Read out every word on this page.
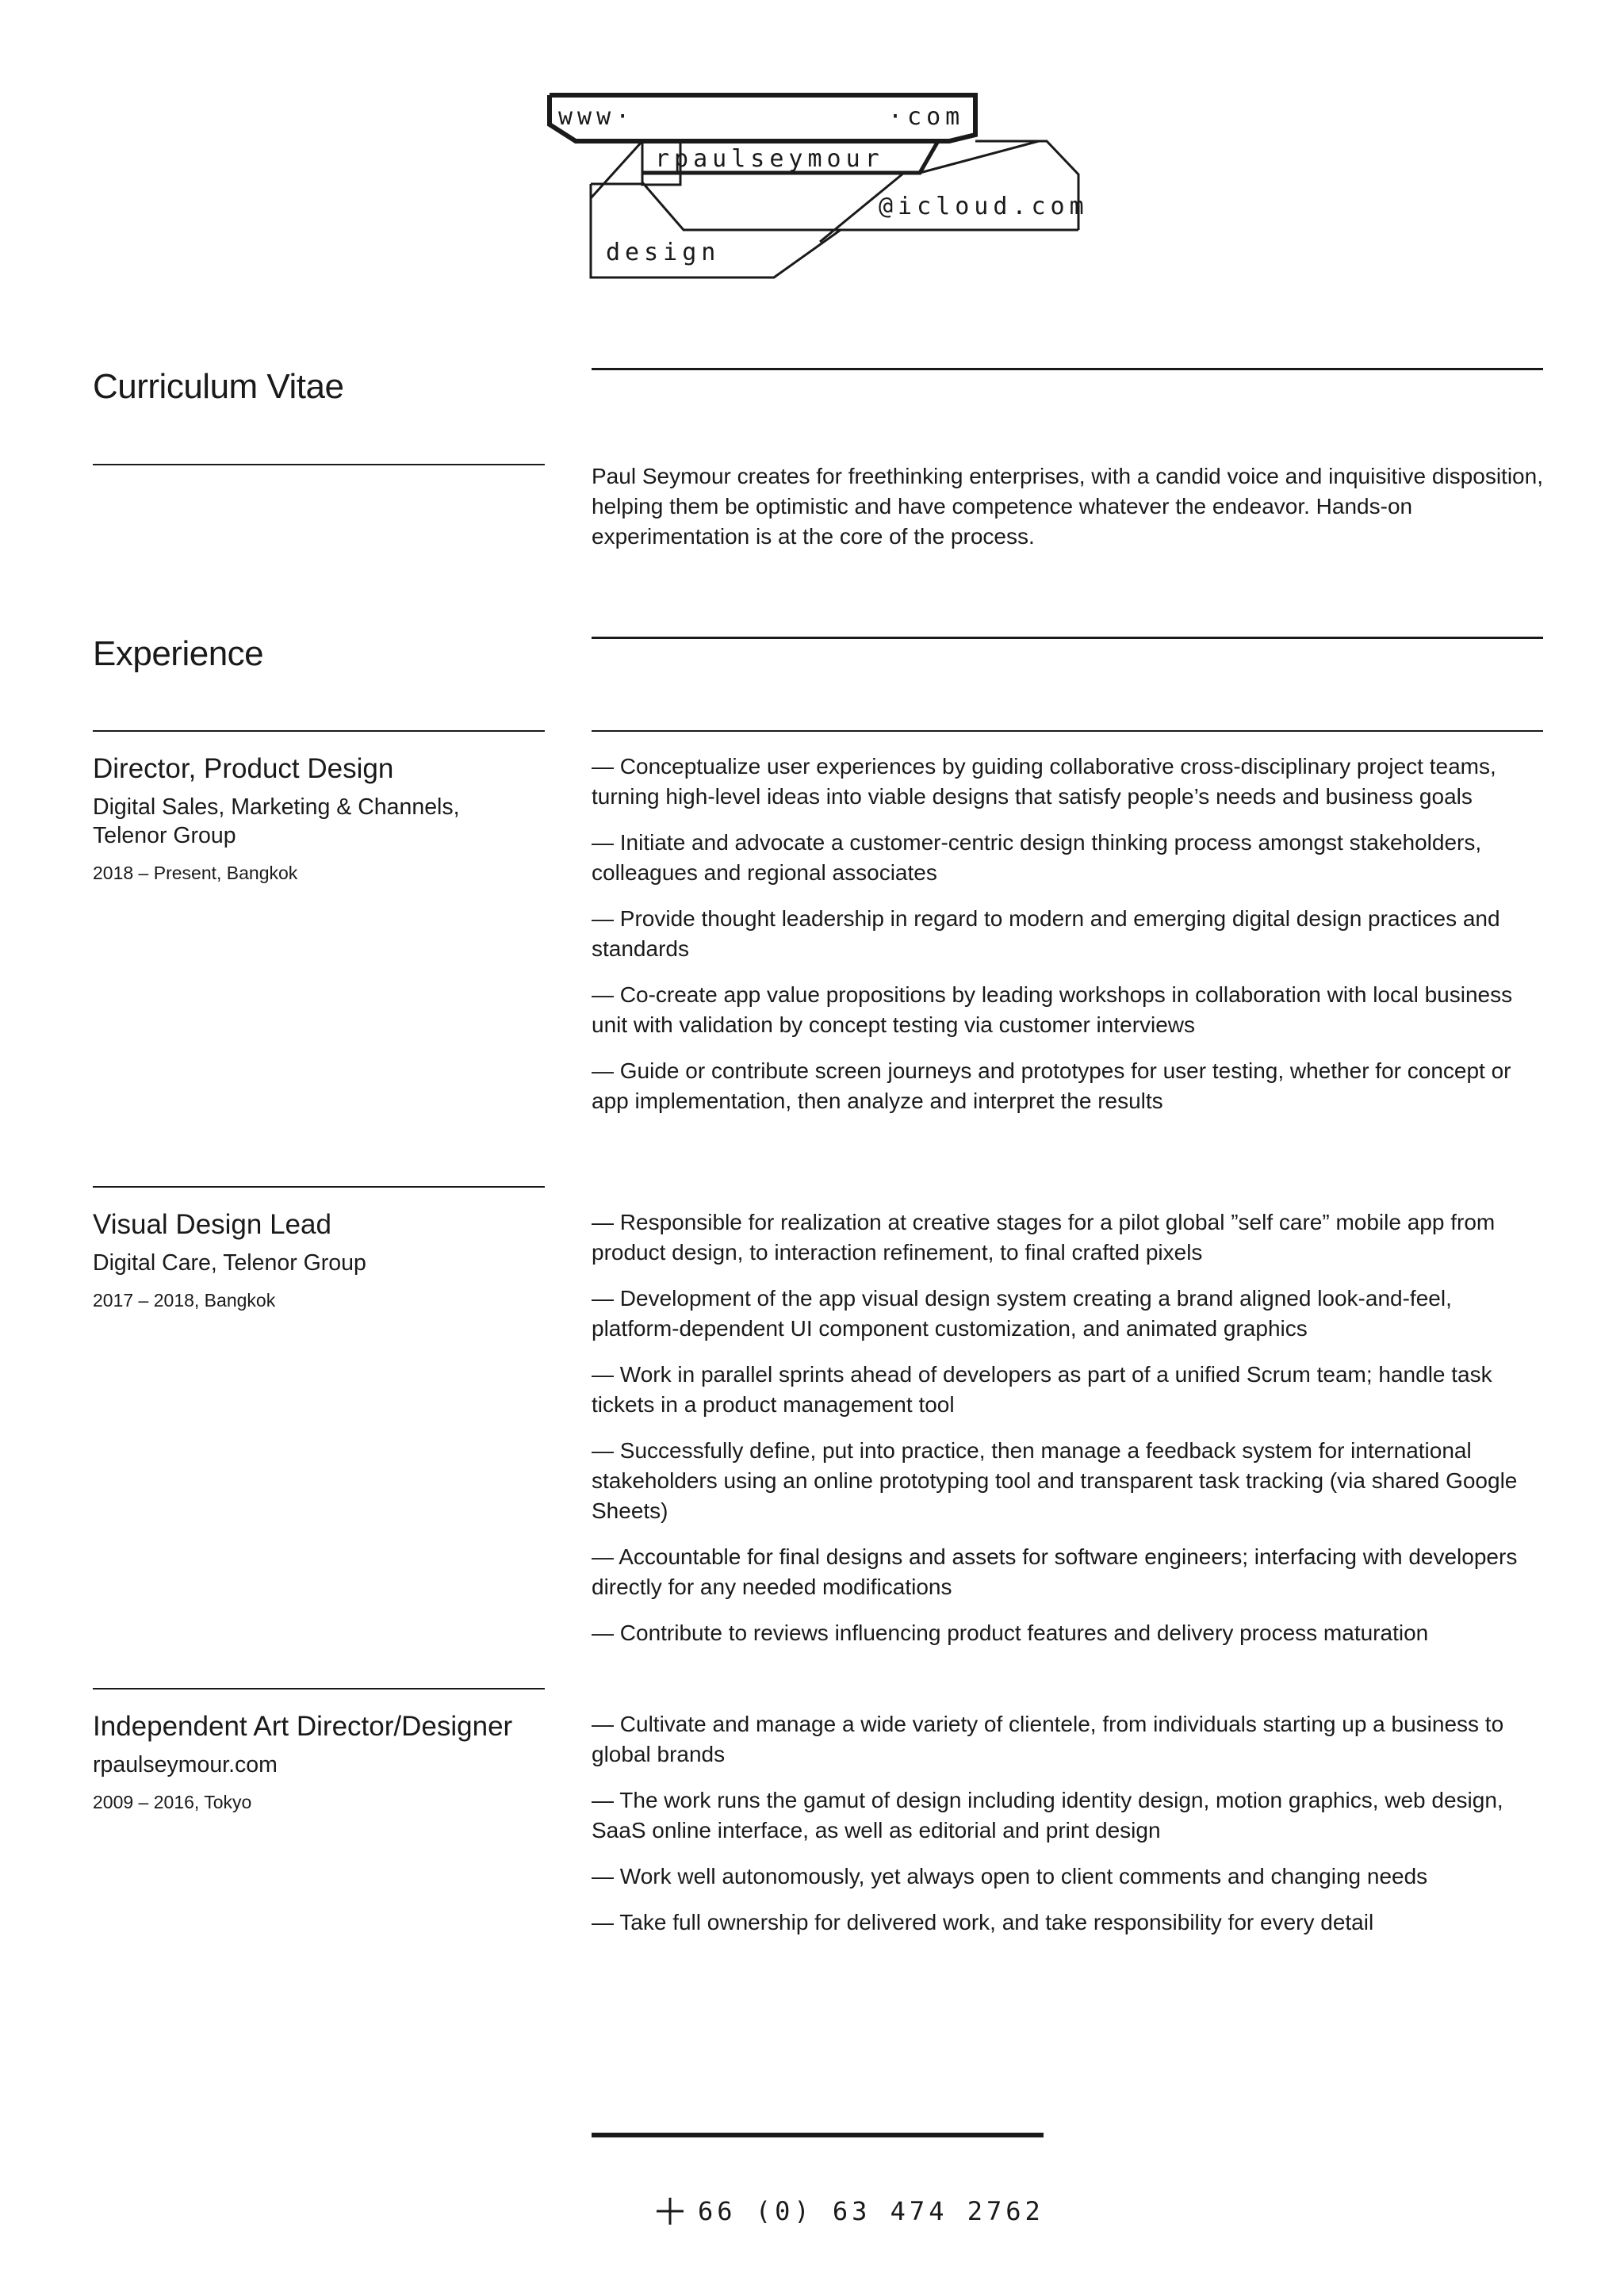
www·	·com
rpaulseymour
@icloud.com
design
Curriculum Vitae
Paul Seymour creates for freethinking enterprises, with a candid voice and inquisitive disposition, helping them be optimistic and have competence whatever the endeavor. Hands-on experimentation is at the core of the process.
Experience
Director, Product Design
Digital Sales, Marketing & Channels, Telenor Group
2018 – Present, Bangkok
— Conceptualize user experiences by guiding collaborative cross-disciplinary project teams, turning high-level ideas into viable designs that satisfy people’s needs and business goals
— Initiate and advocate a customer-centric design thinking process amongst stakeholders, colleagues and regional associates
— Provide thought leadership in regard to modern and emerging digital design practices and standards
— Co-create app value propositions by leading workshops in collaboration with local business unit with validation by concept testing via customer interviews
— Guide or contribute screen journeys and prototypes for user testing, whether for concept or app implementation, then analyze and interpret the results
Visual Design Lead
Digital Care, Telenor Group
2017 – 2018, Bangkok
— Responsible for realization at creative stages for a pilot global ”self care” mobile app from product design, to interaction refinement, to final crafted pixels
— Development of the app visual design system creating a brand aligned look-and-feel, platform-dependent UI component customization, and animated graphics
— Work in parallel sprints ahead of developers as part of a unified Scrum team; handle task tickets in a product management tool
— Successfully define, put into practice, then manage a feedback system for international stakeholders using an online prototyping tool and transparent task tracking (via shared Google Sheets)
— Accountable for final designs and assets for software engineers; interfacing with developers directly for any needed modifications
— Contribute to reviews influencing product features and delivery process maturation
Independent Art Director/Designer
rpaulseymour.com
2009 – 2016, Tokyo
— Cultivate and manage a wide variety of clientele, from individuals starting up a business to global brands
— The work runs the gamut of design including identity design, motion graphics, web design, SaaS online interface, as well as editorial and print design
— Work well autonomously, yet always open to client comments and changing needs
— Take full ownership for delivered work, and take responsibility for every detail
66 (0) 63 474 2762
